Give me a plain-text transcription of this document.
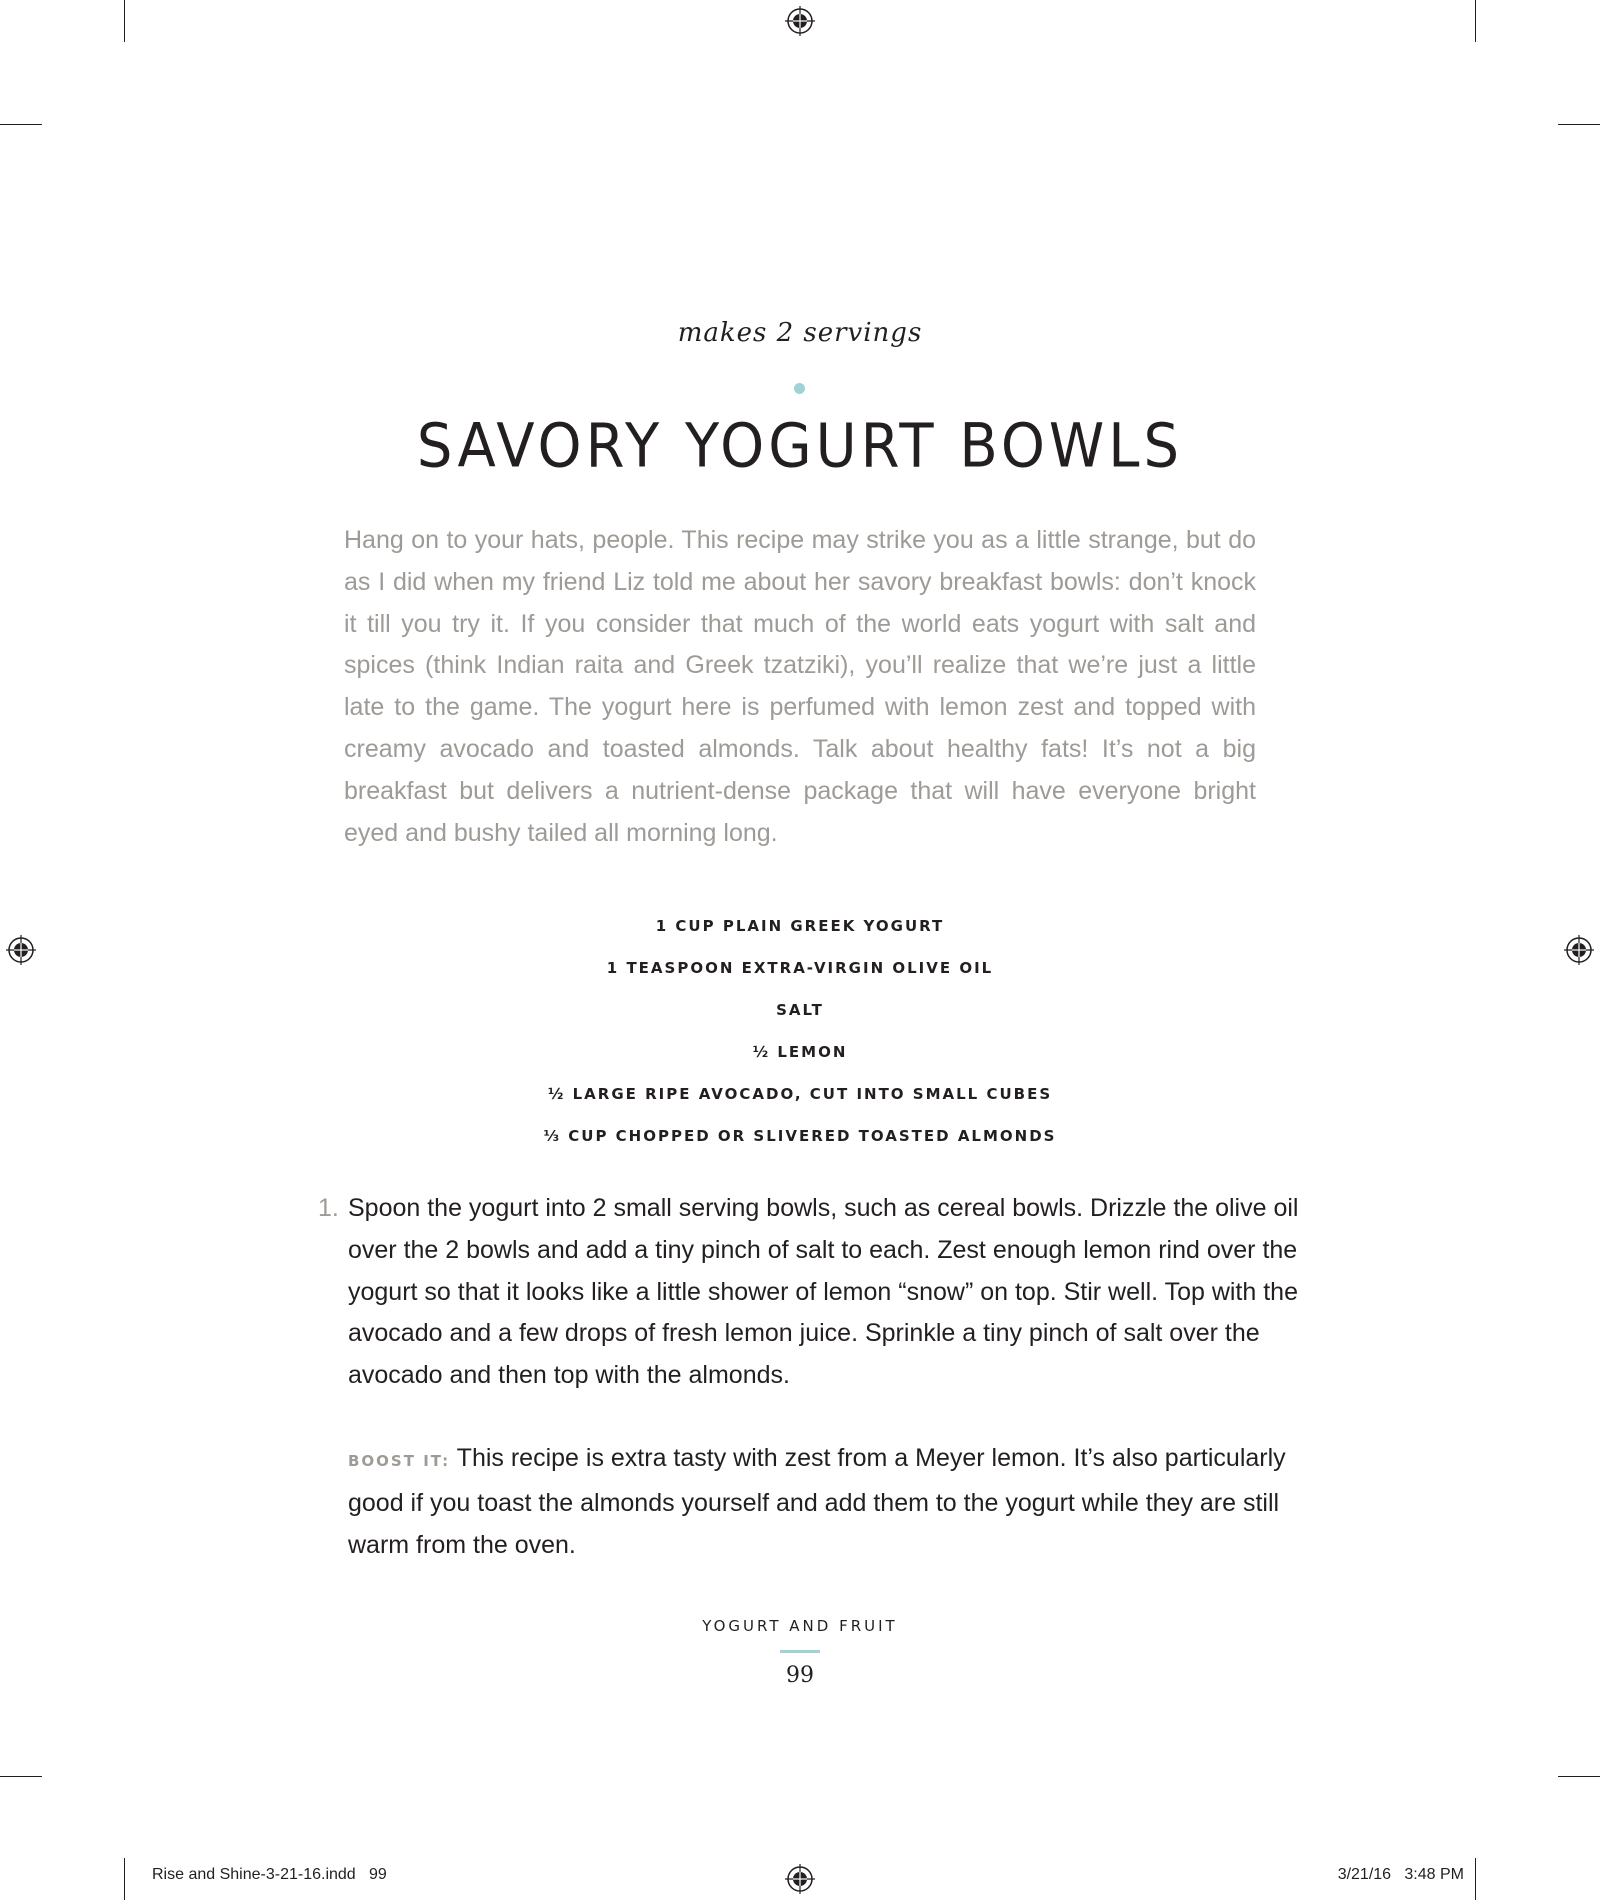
makes 2 servings
SAVORY YOGURT BOWLS

Hang on to your hats, people. This recipe may strike you as a little strange, but do as I did when my friend Liz told me about her savory breakfast bowls: don’t knock it till you try it. If you consider that much of the world eats yogurt with salt and spices (think Indian raita and Greek tzatziki), you’ll realize that we’re just a little late to the game. The yogurt here is perfumed with lemon zest and topped with creamy avocado and toasted almonds. Talk about healthy fats! It’s not a big breakfast but delivers a nutrient-dense package that will have everyone bright eyed and bushy tailed all morning long.

1 CUP PLAIN GREEK YOGURT
1 TEASPOON EXTRA-VIRGIN OLIVE OIL
SALT
½ LEMON
½ LARGE RIPE AVOCADO, CUT INTO SMALL CUBES
⅓ CUP CHOPPED OR SLIVERED TOASTED ALMONDS
1. Spoon the yogurt into 2 small serving bowls, such as cereal bowls. Drizzle the olive oil over the 2 bowls and add a tiny pinch of salt to each. Zest enough lemon rind over the yogurt so that it looks like a little shower of lemon “snow” on top. Stir well. Top with the avocado and a few drops of fresh lemon juice. Sprinkle a tiny pinch of salt over the avocado and then top with the almonds.

BOOST IT: This recipe is extra tasty with zest from a Meyer lemon. It’s also particularly good if you toast the almonds yourself and add them to the yogurt while they are still warm from the oven.

YOGURT AND FRUIT
99
Rise and Shine-3-21-16.indd   99	3/21/16   3:48 PM
